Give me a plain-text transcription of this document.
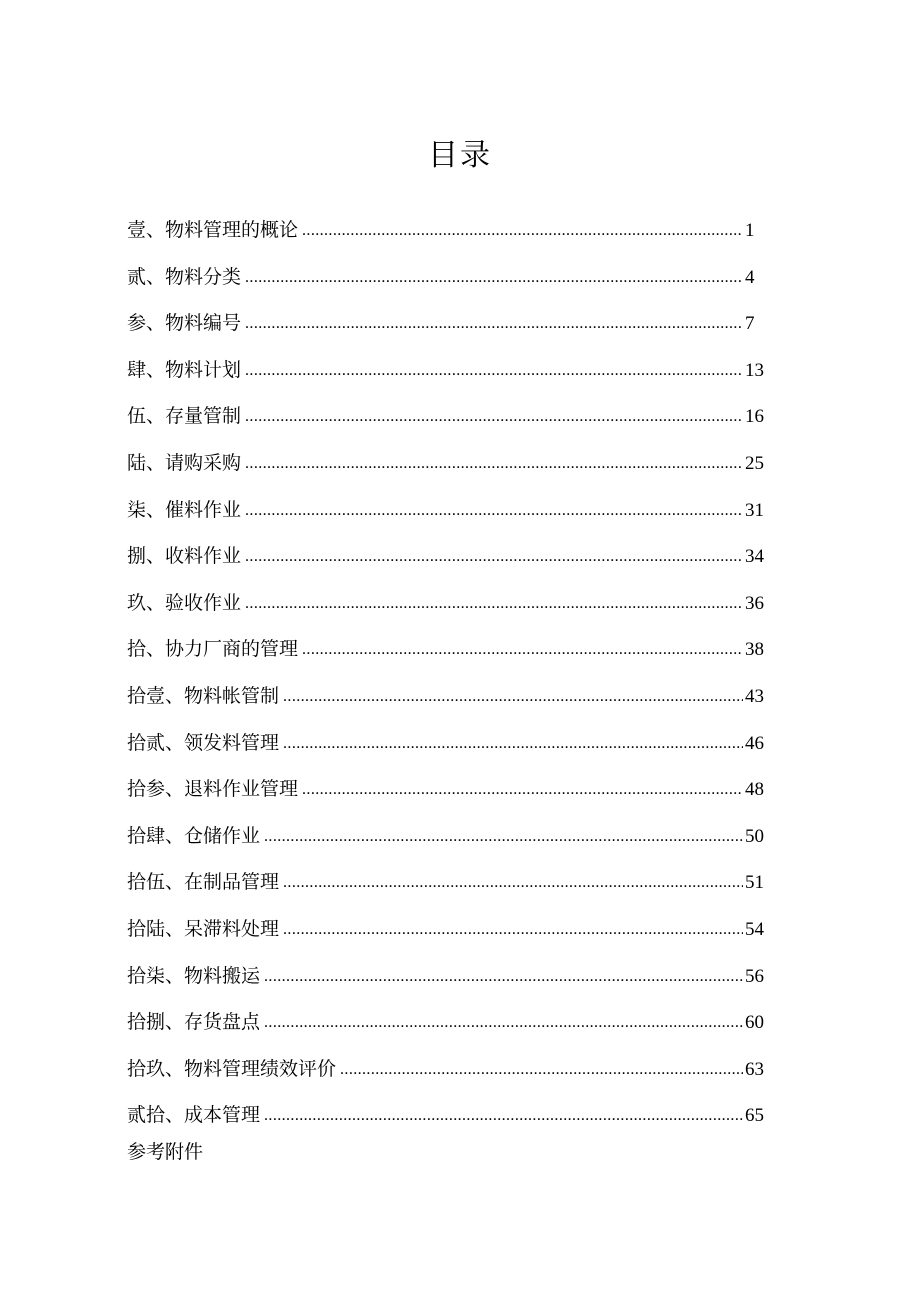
目录
壹、物料管理的概论 .....	1
贰、物料分类 .....	4
参、物料编号 .....	7
肆、物料计划 .....	13
伍、存量管制 .....	16
陆、请购采购 .....	25
柒、催料作业 .....	31
捌、收料作业 .....	34
玖、验收作业 .....	36
拾、协力厂商的管理 .....	38
拾壹、物料帐管制 .....	43
拾贰、领发料管理 .....	46
拾参、退料作业管理 .....	48
拾肆、仓储作业 .....	50
拾伍、在制品管理 .....	51
拾陆、呆滞料处理 .....	54
拾柒、物料搬运 .....	56
拾捌、存货盘点 .....	60
拾玖、物料管理绩效评价 .....	63
贰拾、成本管理 .....	65
参考附件
